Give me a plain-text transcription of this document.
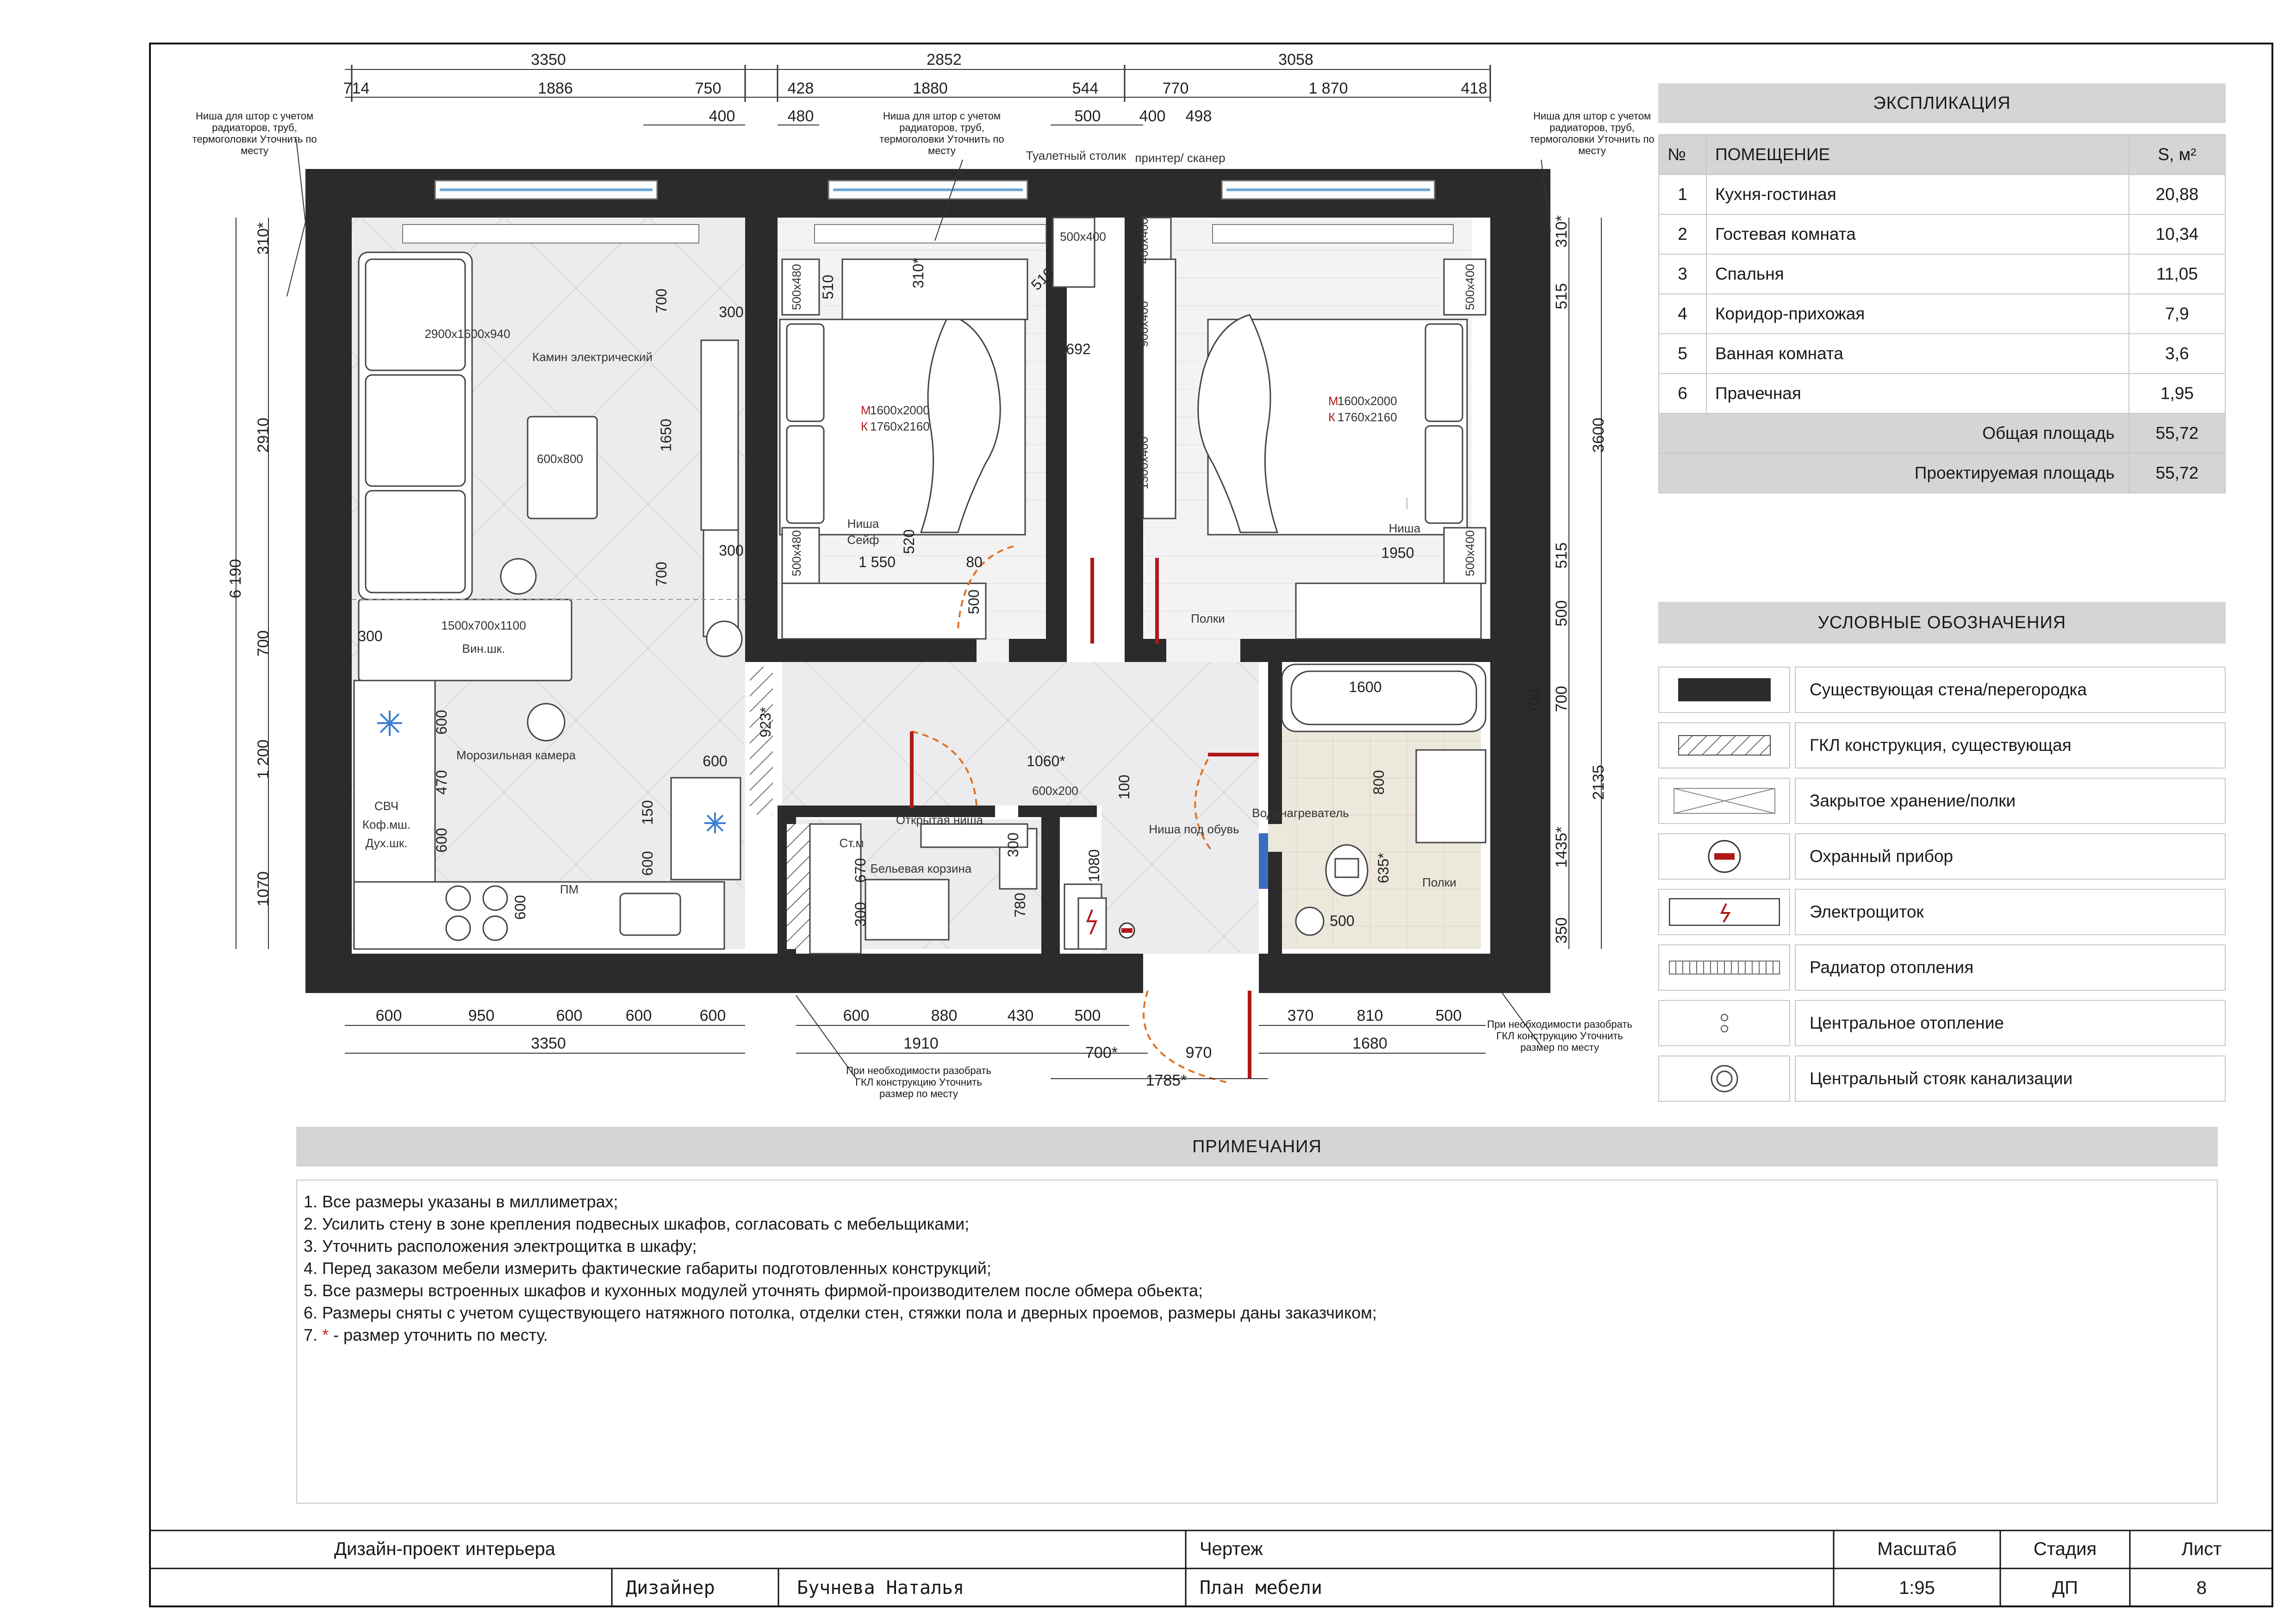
3350	2852	3058
714	1886	750	428	1880	544	770	1 870	418
400	480	500 400 498
600	950	600	600	600	600	880	430	500	370	810	500
3350	1910
700*	970
1680
1785*
310*
2910
700
1 200
1070
6 190
310*
515
3600
515
500
700
2135
1435*
350
700	300
1650
700
300
300
600
470
600
600
150
600
600
510	310*	510
692
1 550
520
80
500
670
300	780
1080
100
300
1060*
923*
1600
800
635*
500
1950
700
2900x1600x940
600x800
1500x700x1100
Вин.шк.
Камин электрический
Морозильная камера
СВЧ
Коф.мш.
Дух.шк.
ПМ
500x480
500x480
Ниша
Сейф
Туалетный столик
500x400	400x400
900x400
1300x400
принтер/ сканер
Полки
500x400
500x400
Ниша
600x200
Открытая ниша
Бельевая корзина
Ст.м
Ниша под обувь
Водонагреватель
Полки
М
1600x2000
К 1760x2160
М
1600x2000
К 1760x2160
Ниша для штор с учетом радиаторов, труб, термоголовки Уточнить по месту
Ниша для штор с учетом радиаторов, труб, термоголовки Уточнить по месту
Ниша для штор с учетом радиаторов, труб, термоголовки Уточнить по месту
При необходимости разобрать ГКЛ конструкцию Уточнить размер по месту
При необходимости разобрать ГКЛ конструкцию Уточнить размер по месту
ЭКСПЛИКАЦИЯ
№	ПОМЕЩЕНИЕ	S, м²
1	Кухня-гостиная	20,88
2	Гостевая комната	10,34
3	Спальня	11,05
4	Коридор-прихожая	7,9
5	Ванная комната	3,6
6	Прачечная	1,95
Общая площадь		55,72
Проектируемая площадь		55,72
УСЛОВНЫЕ ОБОЗНАЧЕНИЯ
Существующая стена/перегородка
ГКЛ конструкция, существующая
Закрытое хранение/полки
Охранный прибор
Электрощиток
Радиатор отопления
Центральное отопление
Центральный стояк канализации
ПРИМЕЧАНИЯ
1. Все размеры указаны в миллиметрах;
2. Усилить стену в зоне крепления подвесных шкафов, согласовать с мебельщиками;
3. Уточнить расположения электрощитка в шкафу;
4. Перед заказом мебели измерить фактические габариты подготовленных конструкций;
5. Все размеры встроенных шкафов и кухонных модулей уточнять фирмой-производителем после обмера обьекта;
6. Размеры сняты с учетом существующего натяжного потолка, отделки стен, стяжки пола и дверных проемов, размеры даны заказчиком;
7. * - размер уточнить по месту.
Дизайн-проект интерьера
Дизайнер	Бучнева Наталья
Чертеж
План мебели
Масштаб
1:95
Стадия
ДП
Лист
8
